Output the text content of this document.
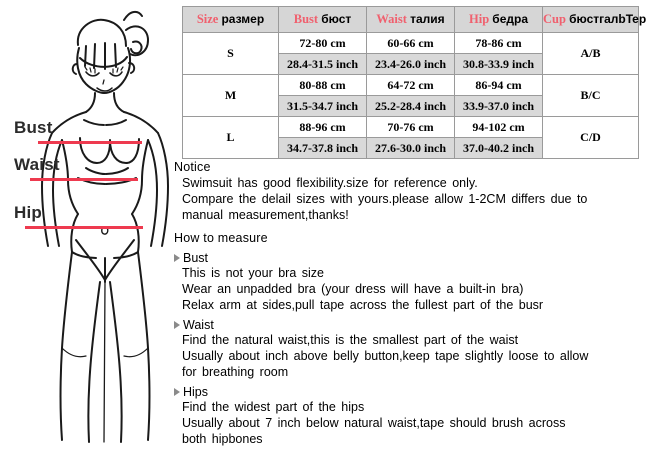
Bust
Waist
Hip
Size размер	Bust бюст	Waist талия	Hip бедра	Cup бюстгалbTep
S	72-80 cm	60-66 cm	78-86 cm	A/B
	28.4-31.5 inch	23.4-26.0 inch	30.8-33.9 inch	
M	80-88 cm	64-72 cm	86-94 cm	B/C
	31.5-34.7 inch	25.2-28.4 inch	33.9-37.0 inch	
L	88-96 cm	70-76 cm	94-102 cm	C/D
	34.7-37.8 inch	27.6-30.0 inch	37.0-40.2 inch	
Notice
Swimsuit has good flexibility.size for reference only.
Compare the delail sizes with yours.please allow 1-2CM differs due to
manual measurement,thanks!
How to measure
Bust
This is not your bra size
Wear an unpadded bra (your dress will have a built-in bra)
Relax arm at sides,pull tape across the fullest part of the busr
Waist
Find the natural waist,this is the smallest part of the waist
Usually about inch above belly button,keep tape slightly loose to allow
for breathing room
Hips
Find the widest part of the hips
Usually about 7 inch below natural waist,tape should brush across
both hipbones
